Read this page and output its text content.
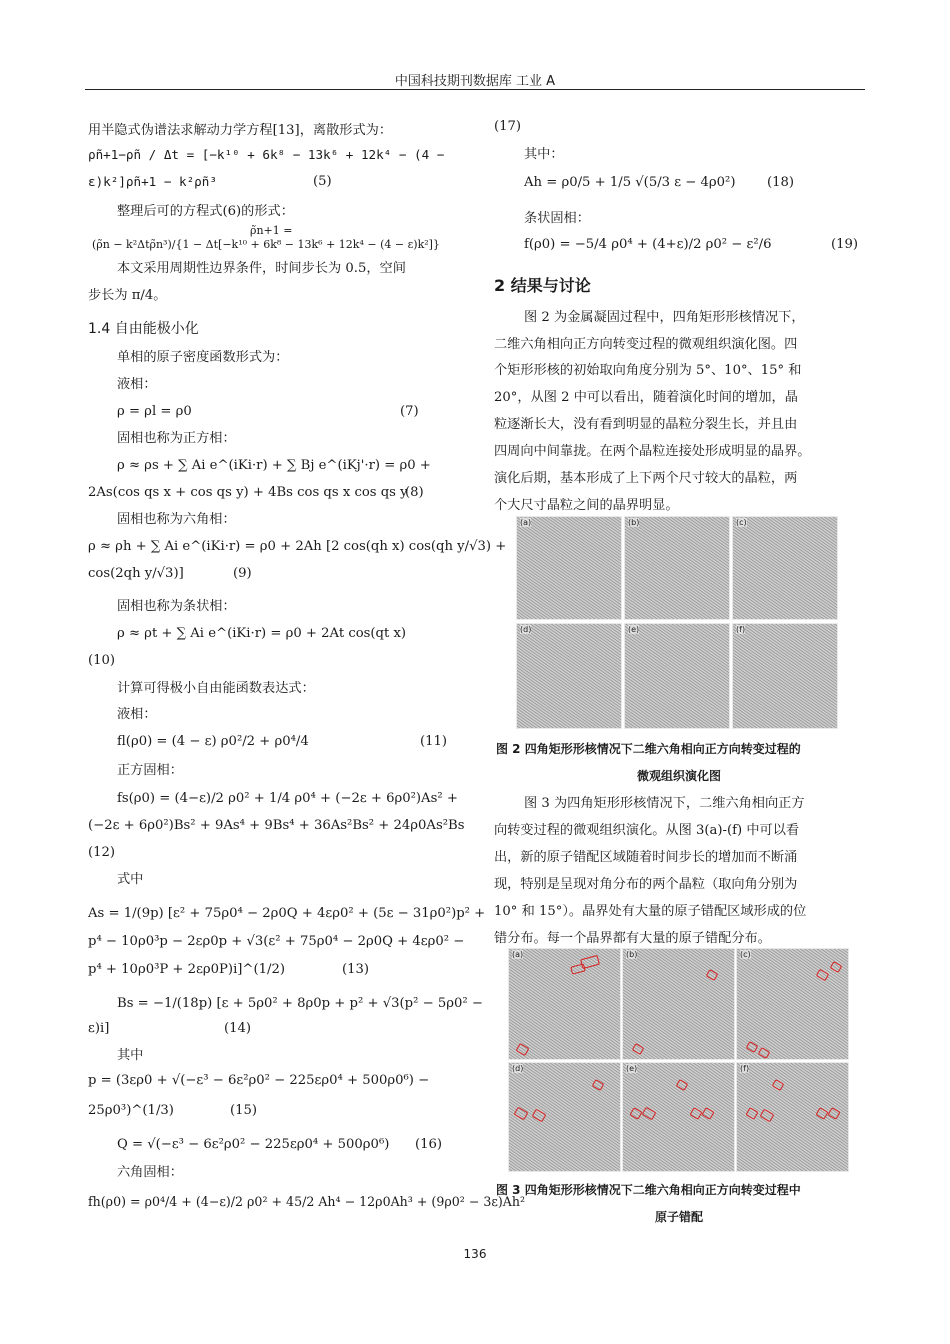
中国科技期刊数据库 工业 A
用半隐式伪谱法求解动力学方程[13]，离散形式为：
ρ̃n+1−ρ̃n / Δt = [−k¹⁰ + 6k⁸ − 13k⁶ + 12k⁴ − (4 −
ε)k²]ρ̃n+1 − k²ρ̃n³	(5)
整理后可的方程式(6)的形式：
ρ̃n+1 =
(ρ̃n − k²Δtρ̃n³)/{1 − Δt[−k¹⁰ + 6k⁸ − 13k⁶ + 12k⁴ − (4 − ε)k²]}
本文采用周期性边界条件，时间步长为 0.5，空间
步长为 π/4。
1.4 自由能极小化
单相的原子密度函数形式为：
液相：
ρ = ρl = ρ0	(7)
固相也称为正方相：
ρ ≈ ρs + ∑ Ai e^(iKi·r) + ∑ Bj e^(iKj'·r) = ρ0 +
2As(cos qs x + cos qs y) + 4Bs cos qs x cos qs y
(8)
固相也称为六角相：
ρ ≈ ρh + ∑ Ai e^(iKi·r) = ρ0 + 2Ah [2 cos(qh x) cos(qh y/√3) +
cos(2qh y/√3)]	(9)
固相也称为条状相：
ρ ≈ ρt + ∑ Ai e^(iKi·r) = ρ0 + 2At cos(qt x)
(10)
计算可得极小自由能函数表达式：
液相：
fl(ρ0) = (4 − ε) ρ0²/2 + ρ0⁴/4	(11)
正方固相：
fs(ρ0) = (4−ε)/2 ρ0² + 1/4 ρ0⁴ + (−2ε + 6ρ0²)As² +
(−2ε + 6ρ0²)Bs² + 9As⁴ + 9Bs⁴ + 36As²Bs² + 24ρ0As²Bs
(12)
式中
As = 1/(9p) [ε² + 75ρ0⁴ − 2ρ0Q + 4ερ0² + (5ε − 31ρ0²)p² +
p⁴ − 10ρ0³p − 2ερ0p + √3(ε² + 75ρ0⁴ − 2ρ0Q + 4ερ0² −
p⁴ + 10ρ0³P + 2ερ0P)i]^(1/2)	(13)
Bs = −1/(18p) [ε + 5ρ0² + 8ρ0p + p² + √3(p² − 5ρ0² −
ε)i]	(14)
其中
p = (3ερ0 + √(−ε³ − 6ε²ρ0² − 225ερ0⁴ + 500ρ0⁶) −
25ρ0³)^(1/3)	(15)
Q = √(−ε³ − 6ε²ρ0² − 225ερ0⁴ + 500ρ0⁶) (16)
六角固相：
fh(ρ0) = ρ0⁴/4 + (4−ε)/2 ρ0² + 45/2 Ah⁴ − 12ρ0Ah³ + (9ρ0² − 3ε)Ah²
(17)
其中：
Ah = ρ0/5 + 1/5 √(5/3 ε − 4ρ0²) (18)
条状固相：
f(ρ0) = −5/4 ρ0⁴ + (4+ε)/2 ρ0² − ε²/6	(19)
2 结果与讨论
图 2 为金属凝固过程中，四角矩形形核情况下，
二维六角相向正方向转变过程的微观组织演化图。四
个矩形形核的初始取向角度分别为 5°、10°、15° 和
20°，从图 2 中可以看出，随着演化时间的增加，晶
粒逐渐长大，没有看到明显的晶粒分裂生长，并且由
四周向中间靠拢。在两个晶粒连接处形成明显的晶界。
演化后期，基本形成了上下两个尺寸较大的晶粒，两
个大尺寸晶粒之间的晶界明显。
(a)	(b)	(c)
(d)	(e)	(f)
图 2 四角矩形形核情况下二维六角相向正方向转变过程的
微观组织演化图
图 3 为四角矩形形核情况下，二维六角相向正方
向转变过程的微观组织演化。从图 3(a)-(f) 中可以看
出，新的原子错配区域随着时间步长的增加而不断涌
现，特别是呈现对角分布的两个晶粒（取向角分别为
10° 和 15°）。晶界处有大量的原子错配区域形成的位
错分布。每一个晶界都有大量的原子错配分布。
(a)	(b)	(c)
(d)	(e)	(f)
图 3 四角矩形形核情况下二维六角相向正方向转变过程中
原子错配
136
